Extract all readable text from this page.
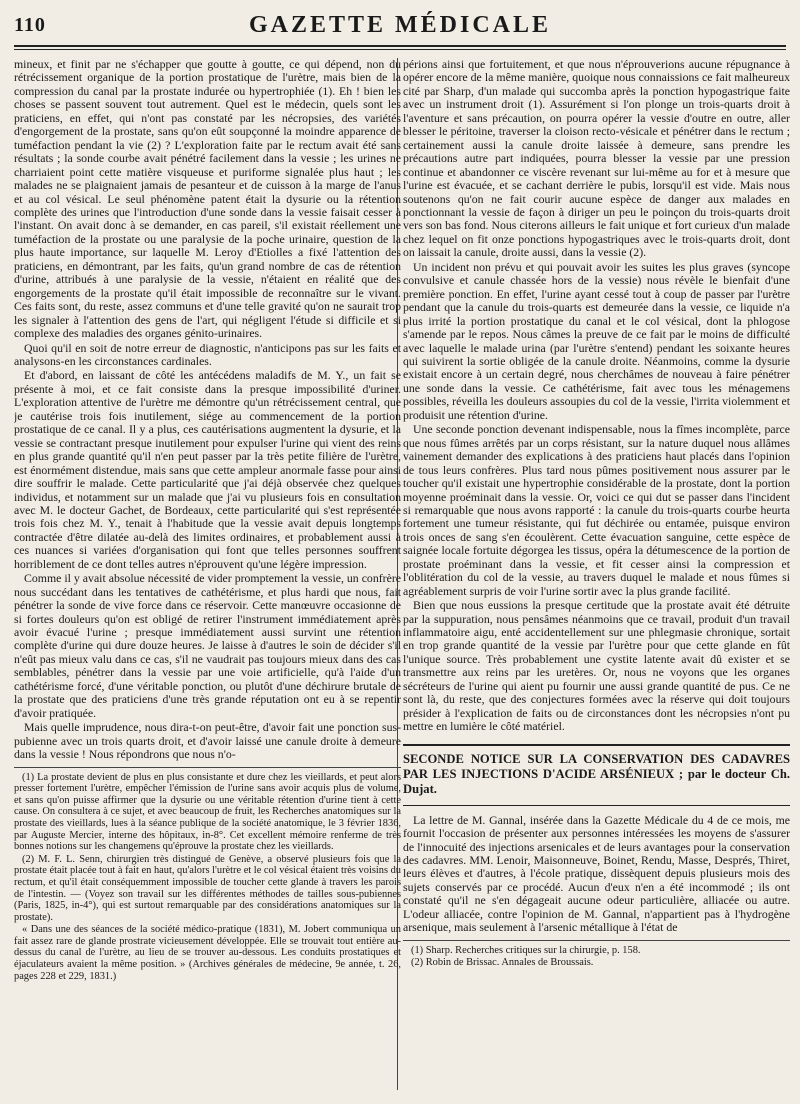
110	GAZETTE MÉDICALE

mineux, et finit par ne s'échapper que goutte à goutte, ce qui dépend, non du rétrécissement organique de la portion prostatique de l'urètre, mais bien de la compression du canal par la prostate indurée ou hypertrophiée (1). Eh ! bien les choses se passent souvent tout autrement. Quel est le médecin, quels sont les praticiens, en effet, qui n'ont pas constaté par les nécropsies, des variétés d'engorgement de la prostate, sans qu'on eût soupçonné la moindre apparence de tuméfaction pendant la vie (2) ? L'exploration faite par le rectum avait été sans résultats ; la sonde courbe avait pénétré facilement dans la vessie ; les urines ne charriaient point cette matière visqueuse et puriforme signalée plus haut ; les malades ne se plaignaient jamais de pesanteur et de cuisson à la marge de l'anus et au col vésical. Le seul phénomène patent était la dysurie ou la rétention complète des urines que l'introduction d'une sonde dans la vessie faisait cesser à l'instant. On avait donc à se demander, en cas pareil, s'il existait réellement une tuméfaction de la prostate ou une paralysie de la poche urinaire, question de la plus haute importance, sur laquelle M. Leroy d'Etiolles a fixé l'attention des praticiens, en démontrant, par les faits, qu'un grand nombre de cas de rétention d'urine, attribués à une paralysie de la vessie, n'étaient en réalité que des engorgements de la prostate qu'il était impossible de reconnaître sur le vivant. Ces faits sont, du reste, assez communs et d'une telle gravité qu'on ne saurait trop les signaler à l'attention des gens de l'art, qui négligent l'étude si difficile et si complexe des maladies des organes génito-urinaires.

Quoi qu'il en soit de notre erreur de diagnostic, n'anticipons pas sur les faits et analysons-en les circonstances cardinales.

Et d'abord, en laissant de côté les antécédens maladifs de M. Y., un fait se présente à moi, et ce fait consiste dans la presque impossibilité d'uriner. L'exploration attentive de l'urètre me démontre qu'un rétrécissement central, que je cautérise trois fois inutilement, siége au commencement de la portion prostatique de ce canal. Il y a plus, ces cautérisations augmentent la dysurie, et la vessie se contractant presque inutilement pour expulser l'urine qui vient des reins en plus grande quantité qu'il n'en peut passer par la très petite filière de l'urètre, est énormément distendue, mais sans que cette ampleur anormale fasse pour ainsi dire souffrir le malade. Cette particularité que j'ai déjà observée chez quelques individus, et notamment sur un malade que j'ai vu plusieurs fois en consultation avec M. le docteur Gachet, de Bordeaux, cette particularité qui s'est représentée trois fois chez M. Y., tenait à l'habitude que la vessie avait depuis longtemps contractée d'être dilatée au-delà des limites ordinaires, et probablement aussi à ces nuances si variées d'organisation qui font que telles personnes souffrent horriblement de ce dont telles autres n'éprouvent qu'une légère impression.

Comme il y avait absolue nécessité de vider promptement la vessie, un confrère nous succédant dans les tentatives de cathétérisme, et plus hardi que nous, fait pénétrer la sonde de vive force dans ce réservoir. Cette manœuvre occasionne de si fortes douleurs qu'on est obligé de retirer l'instrument immédiatement après avoir évacué l'urine ; presque immédiatement aussi survint une rétention complète d'urine qui dure douze heures. Je laisse à d'autres le soin de décider s'il n'eût pas mieux valu dans ce cas, s'il ne vaudrait pas toujours mieux dans des cas semblables, pénétrer dans la vessie par une voie artificielle, qu'à l'aide d'un cathétérisme forcé, d'une véritable ponction, ou plutôt d'une déchirure brutale de la prostate que des praticiens d'une très grande réputation ont eu à se repentir d'avoir pratiquée.

Mais quelle imprudence, nous dira-t-on peut-être, d'avoir fait une ponction sus-pubienne avec un trois quarts droit, et d'avoir laissé une canule droite à demeure dans la vessie ! Nous répondrons que nous n'o-

(1) La prostate devient de plus en plus consistante et dure chez les vieillards, et peut alors presser fortement l'urètre, empêcher l'émission de l'urine sans avoir acquis plus de volume, et sans qu'on puisse affirmer que la dysurie ou une véritable rétention d'urine tient à cette cause. On consultera à ce sujet, et avec beaucoup de fruit, les Recherches anatomiques sur la prostate des vieillards, lues à la séance publique de la société anatomique, le 3 février 1836, par Auguste Mercier, interne des hôpitaux, in-8°. Cet excellent mémoire renferme de très bonnes notions sur les changemens qu'éprouve la prostate chez les vieillards.

(2) M. F. L. Senn, chirurgien très distingué de Genève, a observé plusieurs fois que la prostate était placée tout à fait en haut, qu'alors l'urètre et le col vésical étaient très voisins du rectum, et qu'il était conséquemment impossible de toucher cette glande à travers les parois de l'intestin. — (Voyez son travail sur les différentes méthodes de tailles sous-pubiennes (Paris, 1825, in-4°), qui est surtout remarquable par des considérations anatomiques sur la prostate).

« Dans une des séances de la société médico-pratique (1831), M. Jobert communiqua un fait assez rare de glande prostrate vicieusement développée. Elle se trouvait tout entière au-dessus du canal de l'urètre, au lieu de se trouver au-dessous. Les conduits prostatiques et éjaculateurs avaient la même position. » (Archives générales de médecine, 9e année, t. 26, pages 228 et 229, 1831.)

périons ainsi que fortuitement, et que nous n'éprouverions aucune répugnance à opérer encore de la même manière, quoique nous connaissions ce fait malheureux cité par Sharp, d'un malade qui succomba après la ponction hypogastrique faite avec un instrument droit (1). Assurément si l'on plonge un trois-quarts droit à l'aventure et sans précaution, on pourra opérer la vessie d'outre en outre, aller blesser le péritoine, traverser la cloison recto-vésicale et pénétrer dans le rectum ; certainement aussi la canule droite laissée à demeure, sans prendre les précautions autre part indiquées, pourra blesser la vessie par une pression continue et abandonner ce viscère revenant sur lui-même au for et à mesure que l'urine est évacuée, et se cachant derrière le pubis, lorsqu'il est vide. Mais nous soutenons qu'on ne fait courir aucune espèce de danger aux malades en ponctionnant la vessie de façon à diriger un peu le poinçon du trois-quarts droit vers son bas fond. Nous citerons ailleurs le fait unique et fort curieux d'un malade chez lequel on fit onze ponctions hypogastriques avec le trois-quarts droit, dont on laissait la canule, droite aussi, dans la vessie (2).

Un incident non prévu et qui pouvait avoir les suites les plus graves (syncope convulsive et canule chassée hors de la vessie) nous révèle le bienfait d'une première ponction. En effet, l'urine ayant cessé tout à coup de passer par l'urètre pendant que la canule du trois-quarts est demeurée dans la vessie, ce liquide n'a plus irrité la portion prostatique du canal et le col vésical, dont la phlogose s'amende par le repos. Nous câmes la preuve de ce fait par le moins de difficulté avec laquelle le malade urina (par l'urètre s'entend) pendant les soixante heures qui suivirent la sortie obligée de la canule droite. Néanmoins, comme la dysurie existait encore à un certain degré, nous cherchâmes de nouveau à faire pénétrer une sonde dans la vessie. Ce cathétérisme, fait avec tous les ménagemens possibles, réveilla les douleurs assoupies du col de la vessie, l'irrita violemment et produisit une rétention d'urine.

Une seconde ponction devenant indispensable, nous la fîmes incomplète, parce que nous fûmes arrêtés par un corps résistant, sur la nature duquel nous allâmes vainement demander des explications à des praticiens haut placés dans l'opinion de tous leurs confrères. Plus tard nous pûmes positivement nous assurer par le toucher qu'il existait une hypertrophie considérable de la prostate, dont la portion moyenne proéminait dans la vessie. Or, voici ce qui dut se passer dans l'incident si remarquable que nous avons rapporté : la canule du trois-quarts courbe heurta fortement une tumeur résistante, qui fut déchirée ou entamée, puisque environ trois onces de sang s'en écoulèrent. Cette évacuation sanguine, cette espèce de saignée locale fortuite dégorgea les tissus, opéra la détumescence de la portion de prostate proéminant dans la vessie, et fit cesser ainsi la compression et l'oblitération du col de la vessie, au travers duquel le malade et nous fûmes si agréablement surpris de voir l'urine sortir avec la plus grande facilité.

Bien que nous eussions la presque certitude que la prostate avait été détruite par la suppuration, nous pensâmes néanmoins que ce travail, produit d'un travail inflammatoire aigu, enté accidentellement sur une phlegmasie chronique, sortait en trop grande quantité de la vessie par l'urètre pour que cette glande en fût l'unique source. Très probablement une cystite latente avait dû exister et se transmettre aux reins par les uretères. Or, nous ne voyons que les organes sécréteurs de l'urine qui aient pu fournir une aussi grande quantité de pus. Ce ne sont là, du reste, que des conjectures formées avec la réserve qui doit toujours présider à l'explication de faits ou de circonstances dont les nécropsies n'ont pu mettre en lumière le côté matériel.

SECONDE NOTICE SUR LA CONSERVATION DES CADAVRES PAR LES INJECTIONS D'ACIDE ARSÉNIEUX ; par le docteur Ch. Dujat.

La lettre de M. Gannal, insérée dans la Gazette Médicale du 4 de ce mois, me fournit l'occasion de présenter aux personnes intéressées les moyens de s'assurer de l'innocuité des injections arsenicales et de leurs avantages pour la conservation des cadavres. MM. Lenoir, Maisonneuve, Boinet, Rendu, Masse, Després, Thiret, leurs élèves et d'autres, à l'école pratique, dissèquent depuis plusieurs mois des sujets conservés par ce procédé. Aucun d'eux n'en a été incommodé ; ils ont constaté qu'il ne s'en dégageait aucune odeur particulière, alliacée ou autre. L'odeur alliacée, contre l'opinion de M. Gannal, n'appartient pas à l'hydrogène arsenique, mais seulement à l'arsenic métallique à l'état de

(1) Sharp. Recherches critiques sur la chirurgie, p. 158.

(2) Robin de Brissac. Annales de Broussais.
